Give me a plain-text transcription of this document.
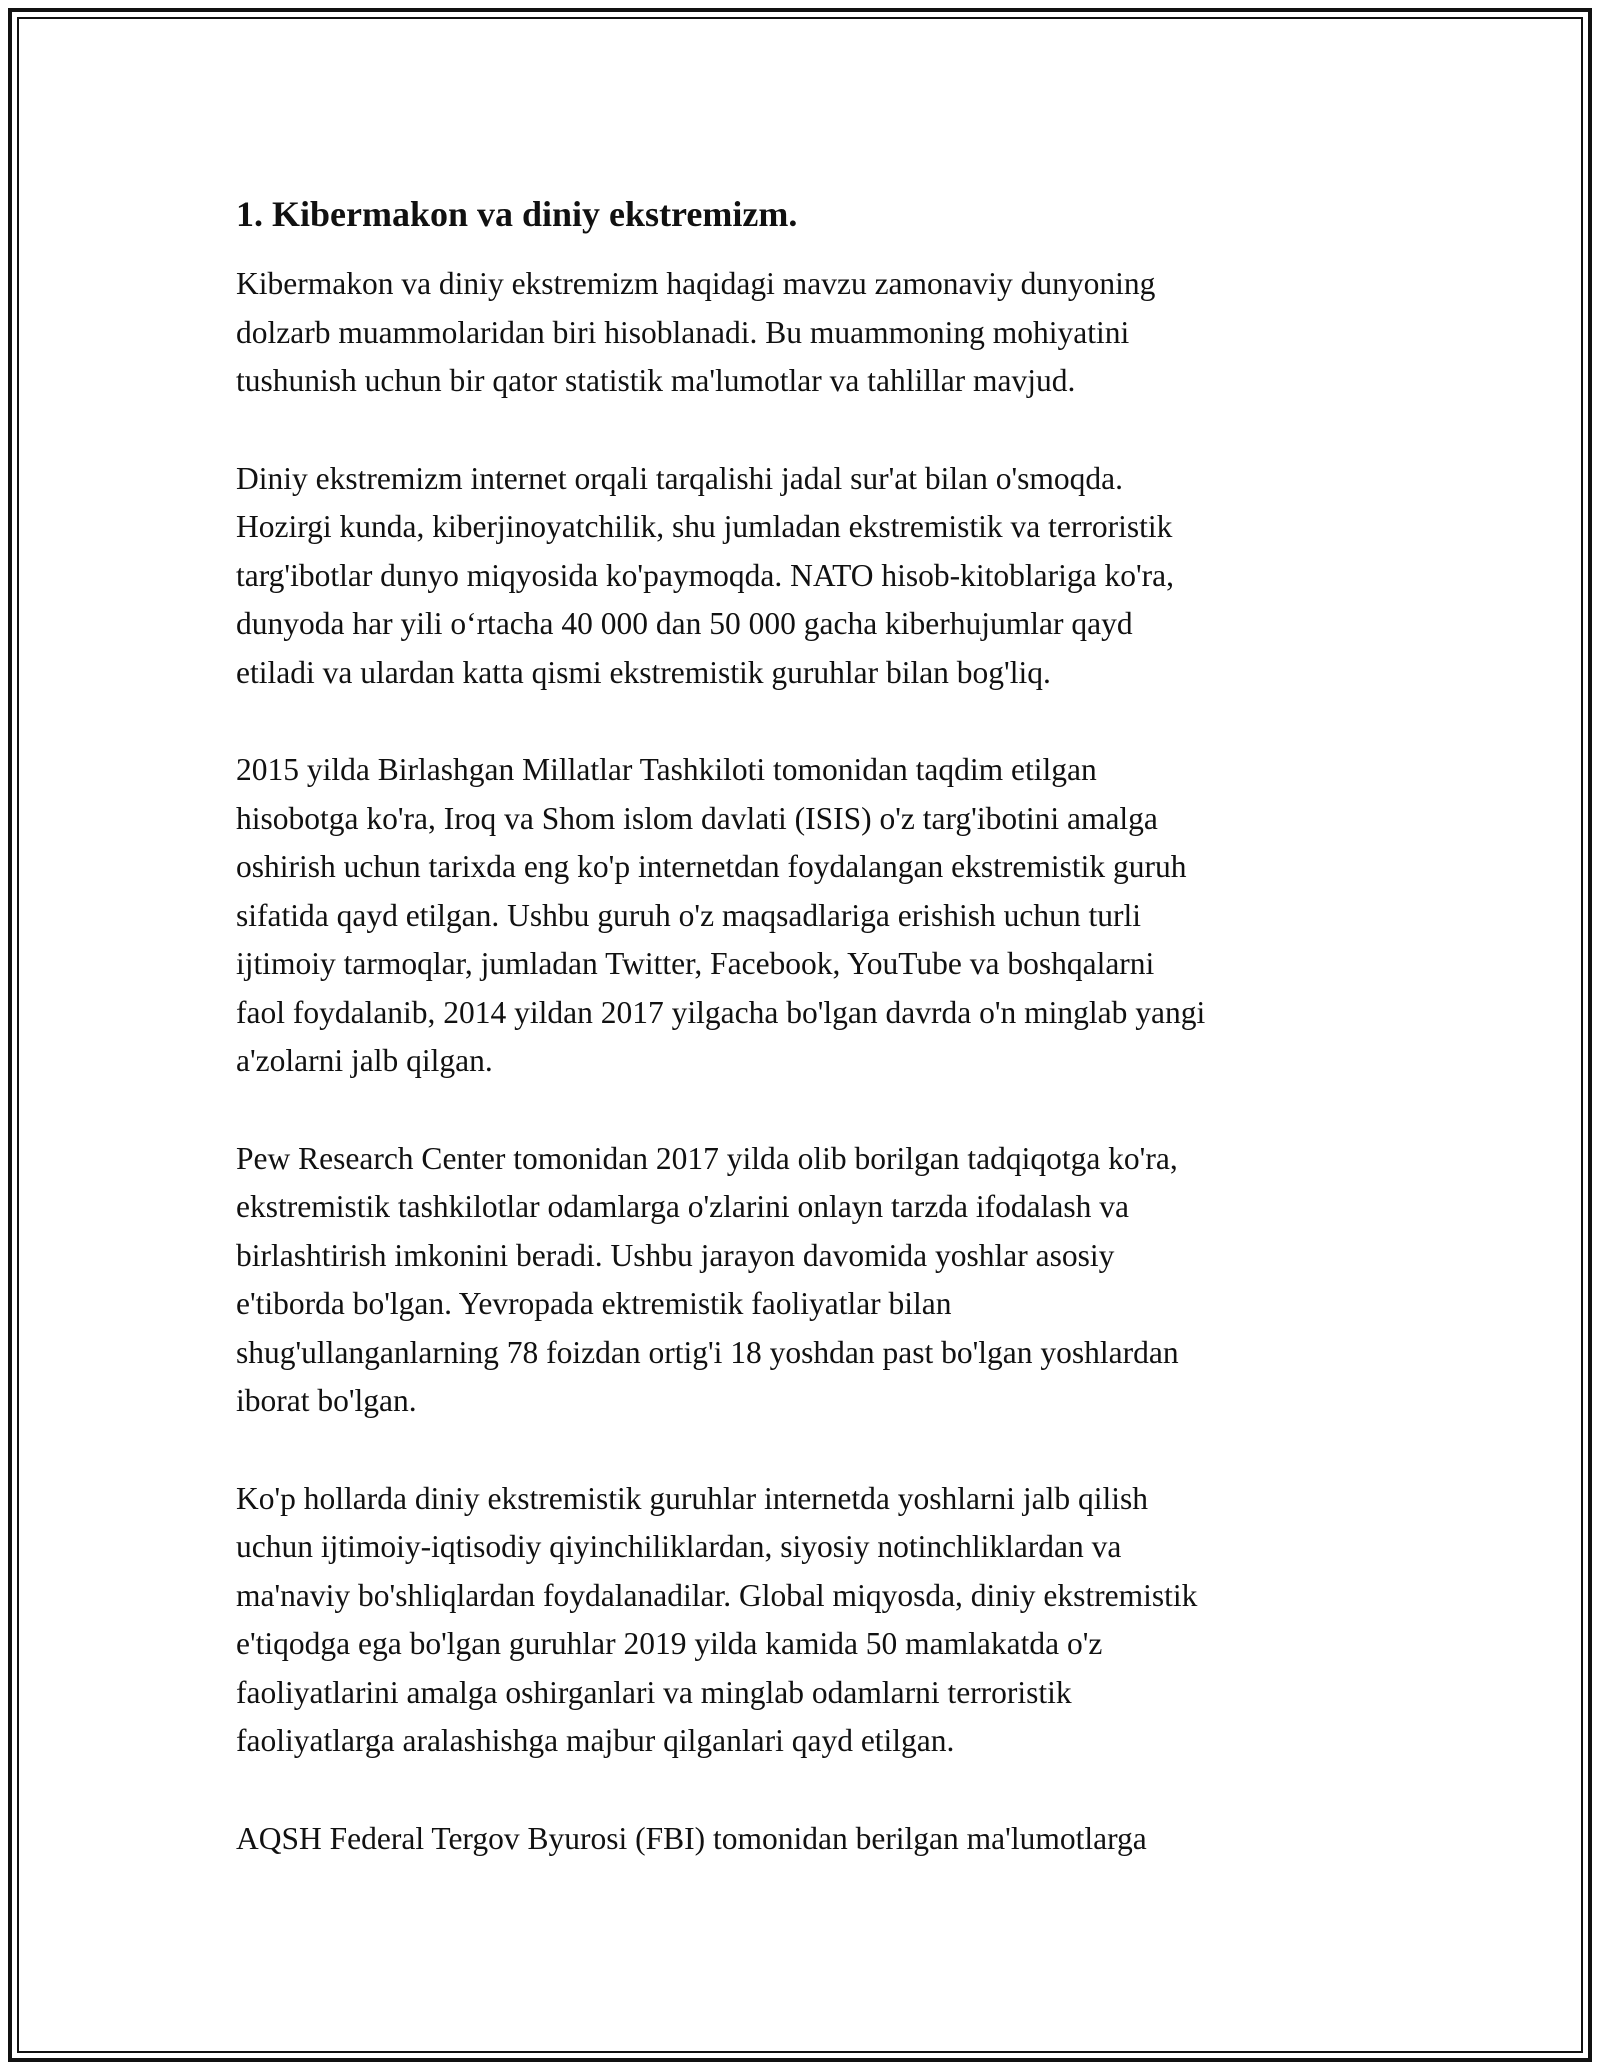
1. Kibermakon va diniy ekstremizm.
Kibermakon va diniy ekstremizm haqidagi mavzu zamonaviy dunyoning
dolzarb muammolaridan biri hisoblanadi. Bu muammoning mohiyatini
tushunish uchun bir qator statistik ma'lumotlar va tahlillar mavjud.
Diniy ekstremizm internet orqali tarqalishi jadal sur'at bilan o'smoqda.
Hozirgi kunda, kiberjinoyatchilik, shu jumladan ekstremistik va terroristik
targ'ibotlar dunyo miqyosida ko'paymoqda. NATO hisob-kitoblariga ko'ra,
dunyoda har yili o‘rtacha 40 000 dan 50 000 gacha kiberhujumlar qayd
etiladi va ulardan katta qismi ekstremistik guruhlar bilan bog'liq.
2015 yilda Birlashgan Millatlar Tashkiloti tomonidan taqdim etilgan
hisobotga ko'ra, Iroq va Shom islom davlati (ISIS) o'z targ'ibotini amalga
oshirish uchun tarixda eng ko'p internetdan foydalangan ekstremistik guruh
sifatida qayd etilgan. Ushbu guruh o'z maqsadlariga erishish uchun turli
ijtimoiy tarmoqlar, jumladan Twitter, Facebook, YouTube va boshqalarni
faol foydalanib, 2014 yildan 2017 yilgacha bo'lgan davrda o'n minglab yangi
a'zolarni jalb qilgan.
Pew Research Center tomonidan 2017 yilda olib borilgan tadqiqotga ko'ra,
ekstremistik tashkilotlar odamlarga o'zlarini onlayn tarzda ifodalash va
birlashtirish imkonini beradi. Ushbu jarayon davomida yoshlar asosiy
e'tiborda bo'lgan. Yevropada ektremistik faoliyatlar bilan
shug'ullanganlarning 78 foizdan ortig'i 18 yoshdan past bo'lgan yoshlardan
iborat bo'lgan.
Ko'p hollarda diniy ekstremistik guruhlar internetda yoshlarni jalb qilish
uchun ijtimoiy-iqtisodiy qiyinchiliklardan, siyosiy notinchliklardan va
ma'naviy bo'shliqlardan foydalanadilar. Global miqyosda, diniy ekstremistik
e'tiqodga ega bo'lgan guruhlar 2019 yilda kamida 50 mamlakatda o'z
faoliyatlarini amalga oshirganlari va minglab odamlarni terroristik
faoliyatlarga aralashishga majbur qilganlari qayd etilgan.
AQSH Federal Tergov Byurosi (FBI) tomonidan berilgan ma'lumotlarga
